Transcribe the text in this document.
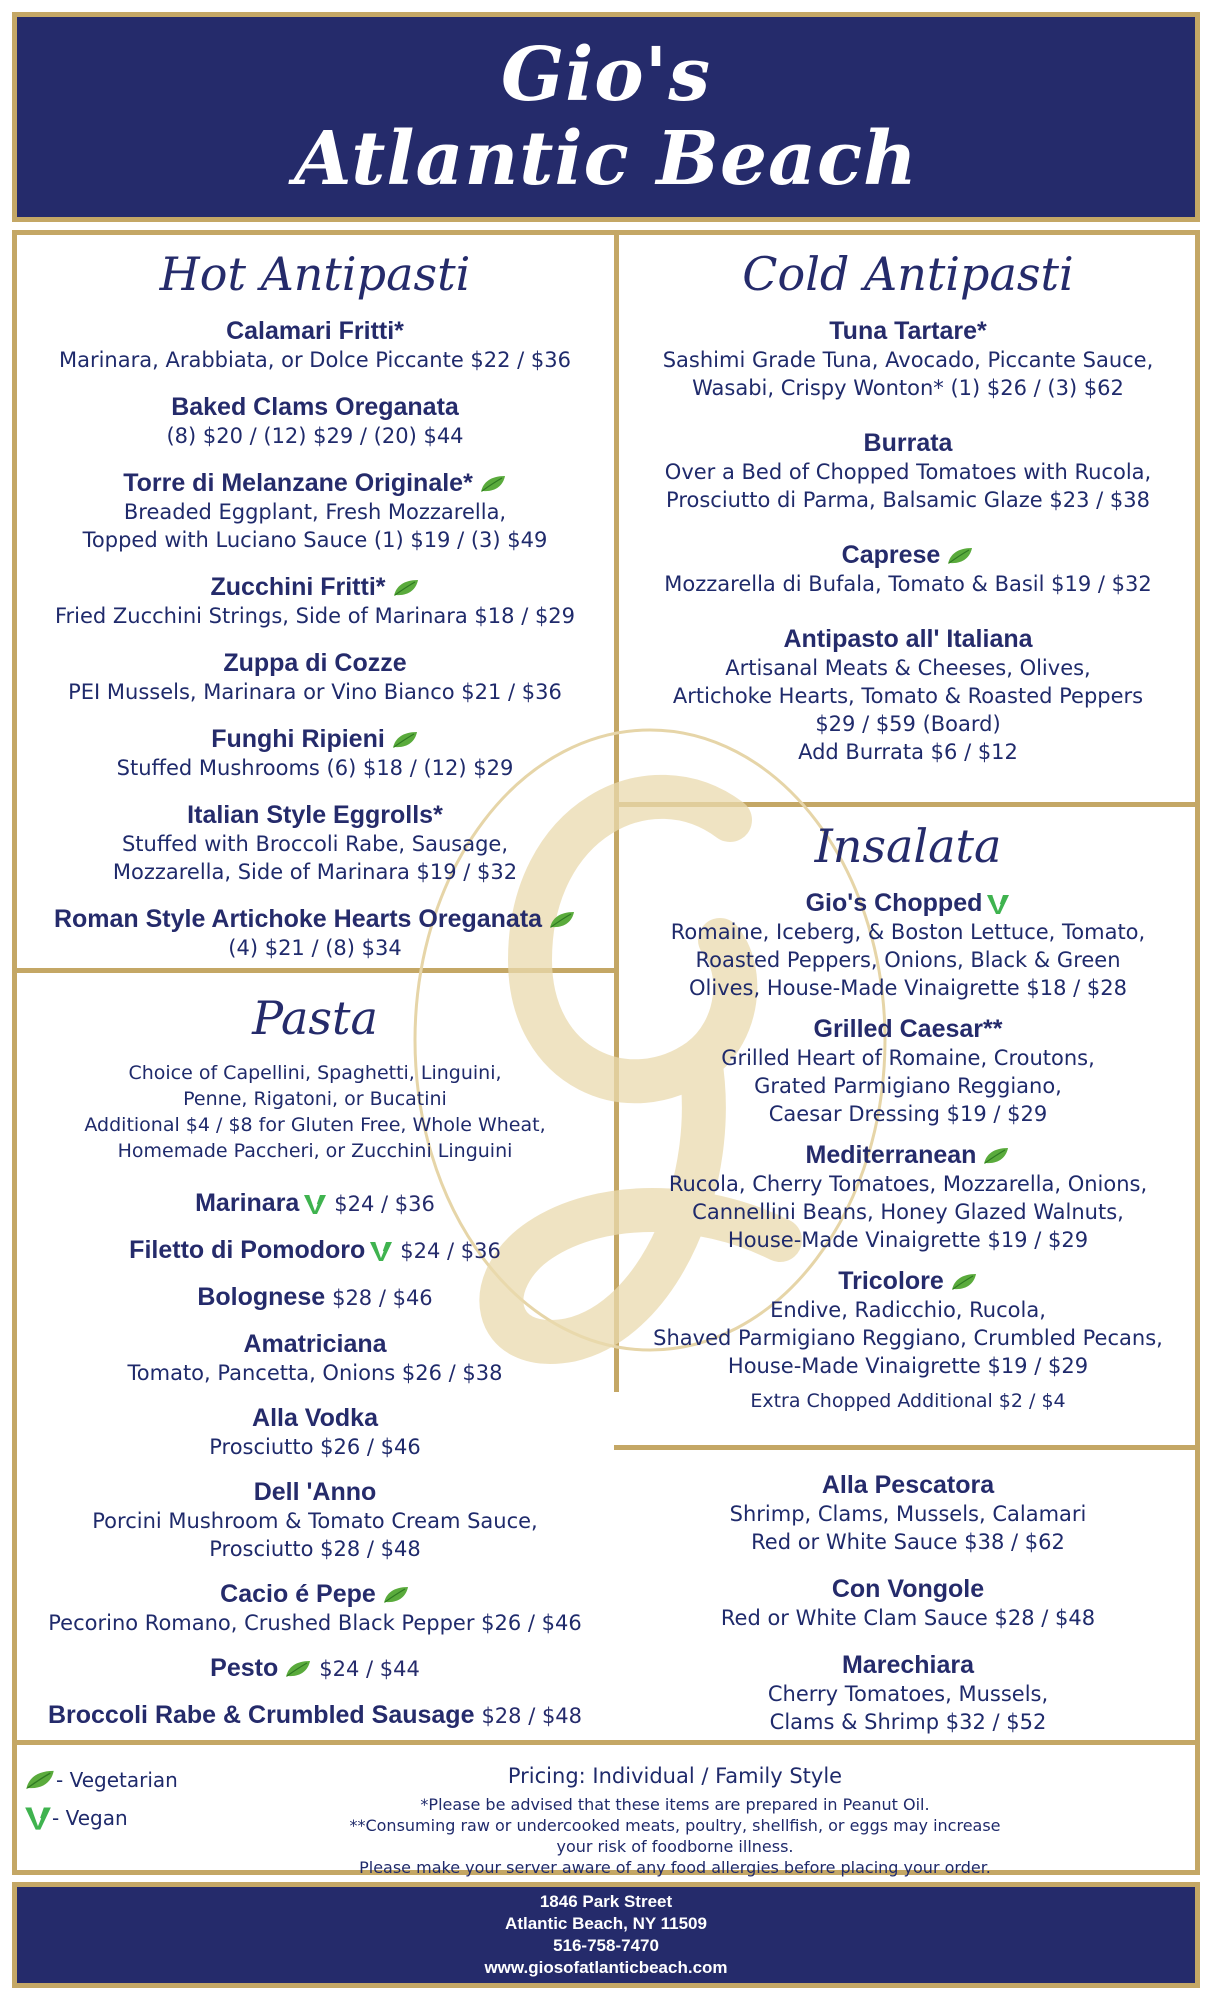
Gio's
Atlantic Beach
Hot Antipasti
Calamari Fritti*
Marinara, Arabbiata, or Dolce Piccante $22 / $36
Baked Clams Oreganata
(8) $20 / (12) $29 / (20) $44
Torre di Melanzane Originale*
Breaded Eggplant, Fresh Mozzarella,
Topped with Luciano Sauce (1) $19 / (3) $49
Zucchini Fritti*
Fried Zucchini Strings, Side of Marinara $18 / $29
Zuppa di Cozze
PEI Mussels, Marinara or Vino Bianco $21 / $36
Funghi Ripieni
Stuffed Mushrooms (6) $18 / (12) $29
Italian Style Eggrolls*
Stuffed with Broccoli Rabe, Sausage,
Mozzarella, Side of Marinara $19 / $32
Roman Style Artichoke Hearts Oreganata
(4) $21 / (8) $34
Cold Antipasti
Tuna Tartare*
Sashimi Grade Tuna, Avocado, Piccante Sauce,
Wasabi, Crispy Wonton* (1) $26 / (3) $62
Burrata
Over a Bed of Chopped Tomatoes with Rucola,
Prosciutto di Parma, Balsamic Glaze $23 / $38
Caprese
Mozzarella di Bufala, Tomato & Basil $19 / $32
Antipasto all' Italiana
Artisanal Meats & Cheeses, Olives,
Artichoke Hearts, Tomato & Roasted Peppers
$29 / $59 (Board)
Add Burrata $6 / $12
Insalata
Gio's Chopped
Romaine, Iceberg, & Boston Lettuce, Tomato,
Roasted Peppers, Onions, Black & Green
Olives, House-Made Vinaigrette $18 / $28
Grilled Caesar**
Grilled Heart of Romaine, Croutons,
Grated Parmigiano Reggiano,
Caesar Dressing $19 / $29
Mediterranean
Rucola, Cherry Tomatoes, Mozzarella, Onions,
Cannellini Beans, Honey Glazed Walnuts,
House-Made Vinaigrette $19 / $29
Tricolore
Endive, Radicchio, Rucola,
Shaved Parmigiano Reggiano, Crumbled Pecans,
House-Made Vinaigrette $19 / $29
Extra Chopped Additional $2 / $4
Pasta
Choice of Capellini, Spaghetti, Linguini,
Penne, Rigatoni, or Bucatini
Additional $4 / $8 for Gluten Free, Whole Wheat,
Homemade Paccheri, or Zucchini Linguini
Marinara $24 / $36
Filetto di Pomodoro $24 / $36
Bolognese $28 / $46
Amatriciana
Tomato, Pancetta, Onions $26 / $38
Alla Vodka
Prosciutto $26 / $46
Dell 'Anno
Porcini Mushroom & Tomato Cream Sauce,
Prosciutto $28 / $48
Cacio é Pepe
Pecorino Romano, Crushed Black Pepper $26 / $46
Pesto $24 / $44
Broccoli Rabe & Crumbled Sausage $28 / $48
Alla Pescatora
Shrimp, Clams, Mussels, Calamari
Red or White Sauce $38 / $62
Con Vongole
Red or White Clam Sauce $28 / $48
Marechiara
Cherry Tomatoes, Mussels,
Clams & Shrimp $32 / $52
- Vegetarian
- Vegan
Pricing: Individual / Family Style
*Please be advised that these items are prepared in Peanut Oil.
**Consuming raw or undercooked meats, poultry, shellfish, or eggs may increase your risk of foodborne illness.
Please make your server aware of any food allergies before placing your order.
1846 Park Street
Atlantic Beach, NY 11509
516-758-7470
www.giosofatlanticbeach.com
